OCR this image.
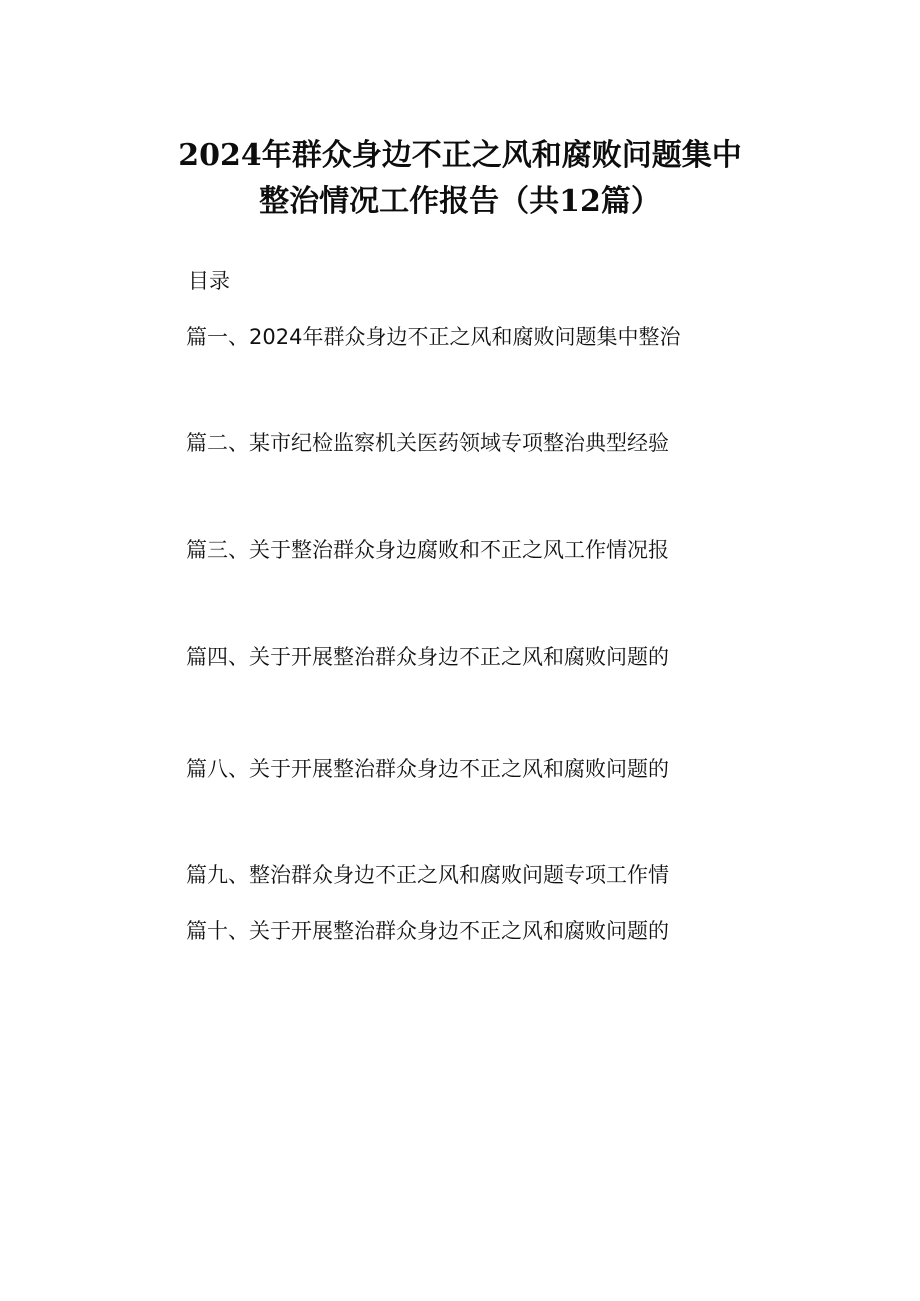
2024年群众身边不正之风和腐败问题集中
整治情况工作报告（共12篇）
目录
篇一、2024年群众身边不正之风和腐败问题集中整治
篇二、某市纪检监察机关医药领域专项整治典型经验
篇三、关于整治群众身边腐败和不正之风工作情况报
篇四、关于开展整治群众身边不正之风和腐败问题的
篇八、关于开展整治群众身边不正之风和腐败问题的
篇九、整治群众身边不正之风和腐败问题专项工作情
篇十、关于开展整治群众身边不正之风和腐败问题的
